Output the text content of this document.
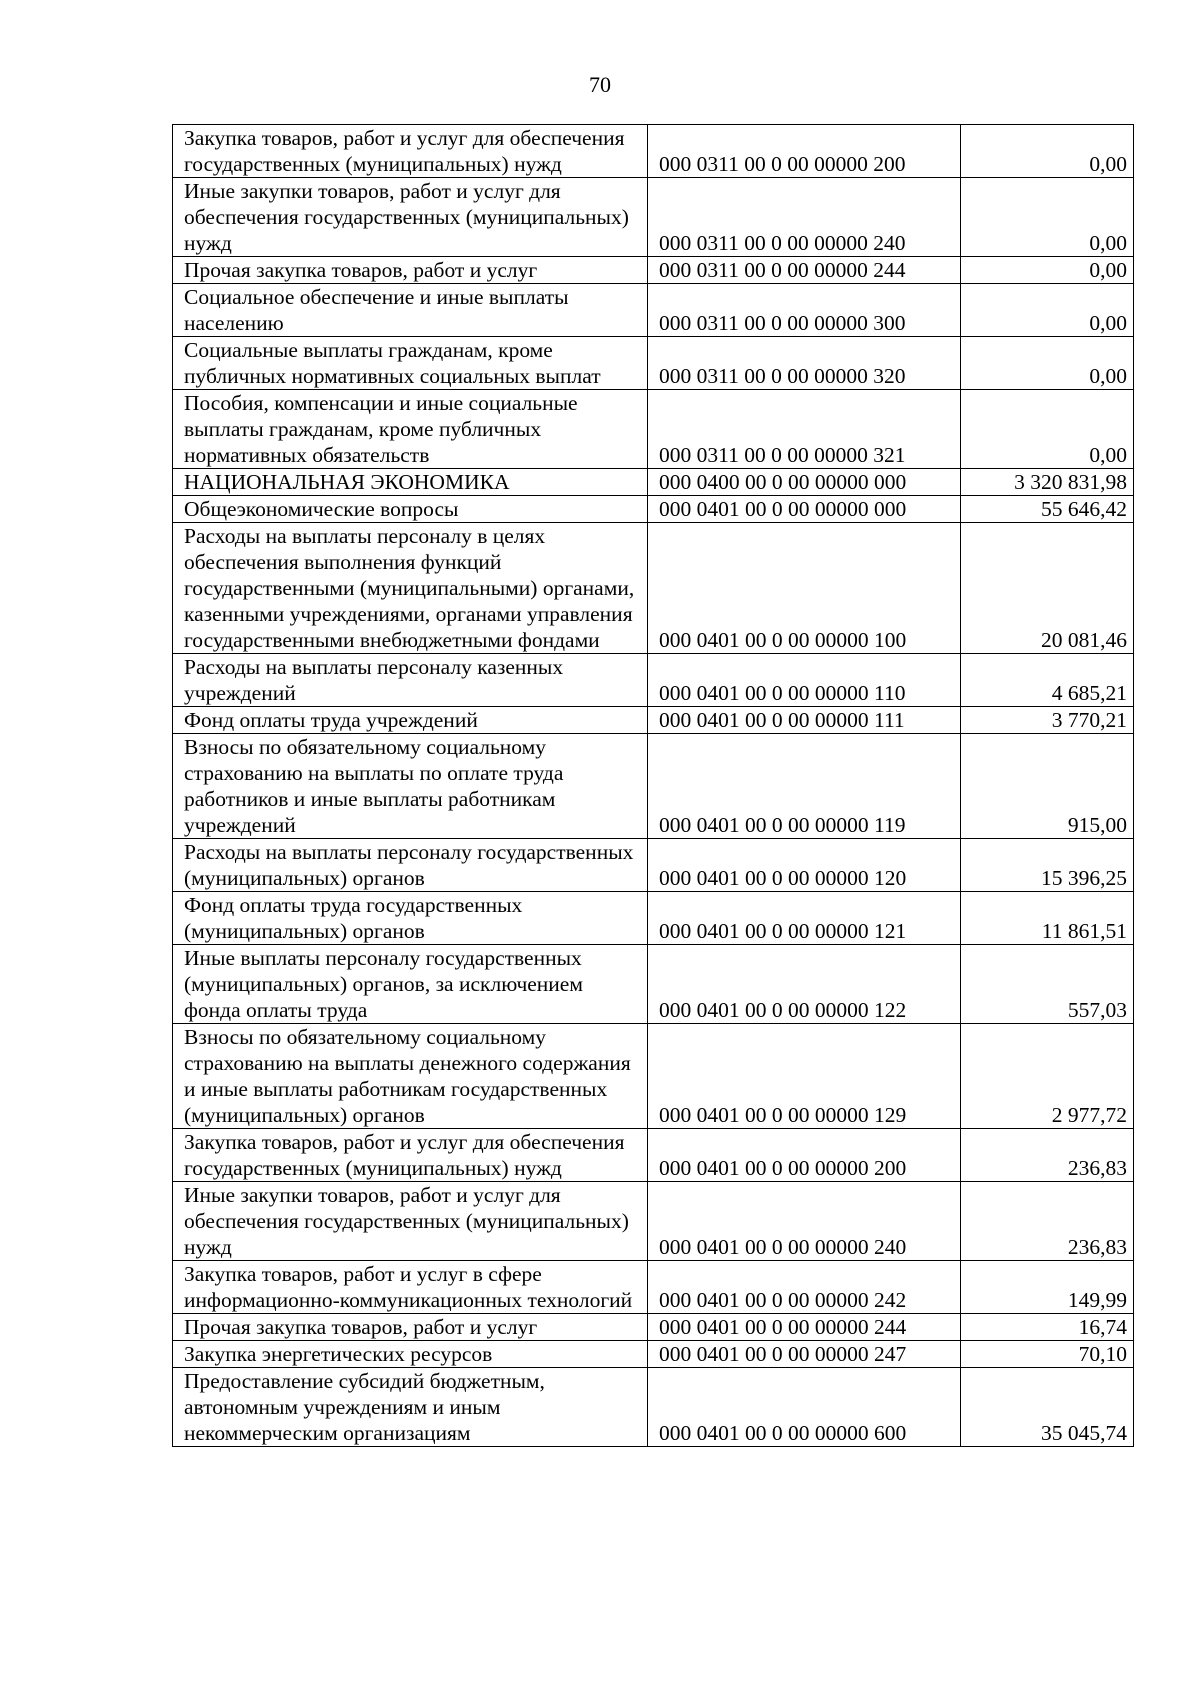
70
Закупка товаров, работ и услуг для обеспечения государственных (муниципальных) нужд	000 0311 00 0 00 00000 200	0,00
Иные закупки товаров, работ и услуг для обеспечения государственных (муниципальных) нужд	000 0311 00 0 00 00000 240	0,00
Прочая закупка товаров, работ и услуг	000 0311 00 0 00 00000 244	0,00
Социальное обеспечение и иные выплаты населению	000 0311 00 0 00 00000 300	0,00
Социальные выплаты гражданам, кроме публичных нормативных социальных выплат	000 0311 00 0 00 00000 320	0,00
Пособия, компенсации и иные социальные выплаты гражданам, кроме публичных нормативных обязательств	000 0311 00 0 00 00000 321	0,00
НАЦИОНАЛЬНАЯ ЭКОНОМИКА	000 0400 00 0 00 00000 000	3 320 831,98
Общеэкономические вопросы	000 0401 00 0 00 00000 000	55 646,42
Расходы на выплаты персоналу в целях обеспечения выполнения функций государственными (муниципальными) органами, казенными учреждениями, органами управления государственными внебюджетными фондами	000 0401 00 0 00 00000 100	20 081,46
Расходы на выплаты персоналу казенных учреждений	000 0401 00 0 00 00000 110	4 685,21
Фонд оплаты труда учреждений	000 0401 00 0 00 00000 111	3 770,21
Взносы по обязательному социальному страхованию на выплаты по оплате труда работников и иные выплаты работникам учреждений	000 0401 00 0 00 00000 119	915,00
Расходы на выплаты персоналу государственных (муниципальных) органов	000 0401 00 0 00 00000 120	15 396,25
Фонд оплаты труда государственных (муниципальных) органов	000 0401 00 0 00 00000 121	11 861,51
Иные выплаты персоналу государственных (муниципальных) органов, за исключением фонда оплаты труда	000 0401 00 0 00 00000 122	557,03
Взносы по обязательному социальному страхованию на выплаты денежного содержания и иные выплаты работникам государственных (муниципальных) органов	000 0401 00 0 00 00000 129	2 977,72
Закупка товаров, работ и услуг для обеспечения государственных (муниципальных) нужд	000 0401 00 0 00 00000 200	236,83
Иные закупки товаров, работ и услуг для обеспечения государственных (муниципальных) нужд	000 0401 00 0 00 00000 240	236,83
Закупка товаров, работ и услуг в сфере информационно-коммуникационных технологий	000 0401 00 0 00 00000 242	149,99
Прочая закупка товаров, работ и услуг	000 0401 00 0 00 00000 244	16,74
Закупка энергетических ресурсов	000 0401 00 0 00 00000 247	70,10
Предоставление субсидий бюджетным, автономным учреждениям и иным некоммерческим организациям	000 0401 00 0 00 00000 600	35 045,74
